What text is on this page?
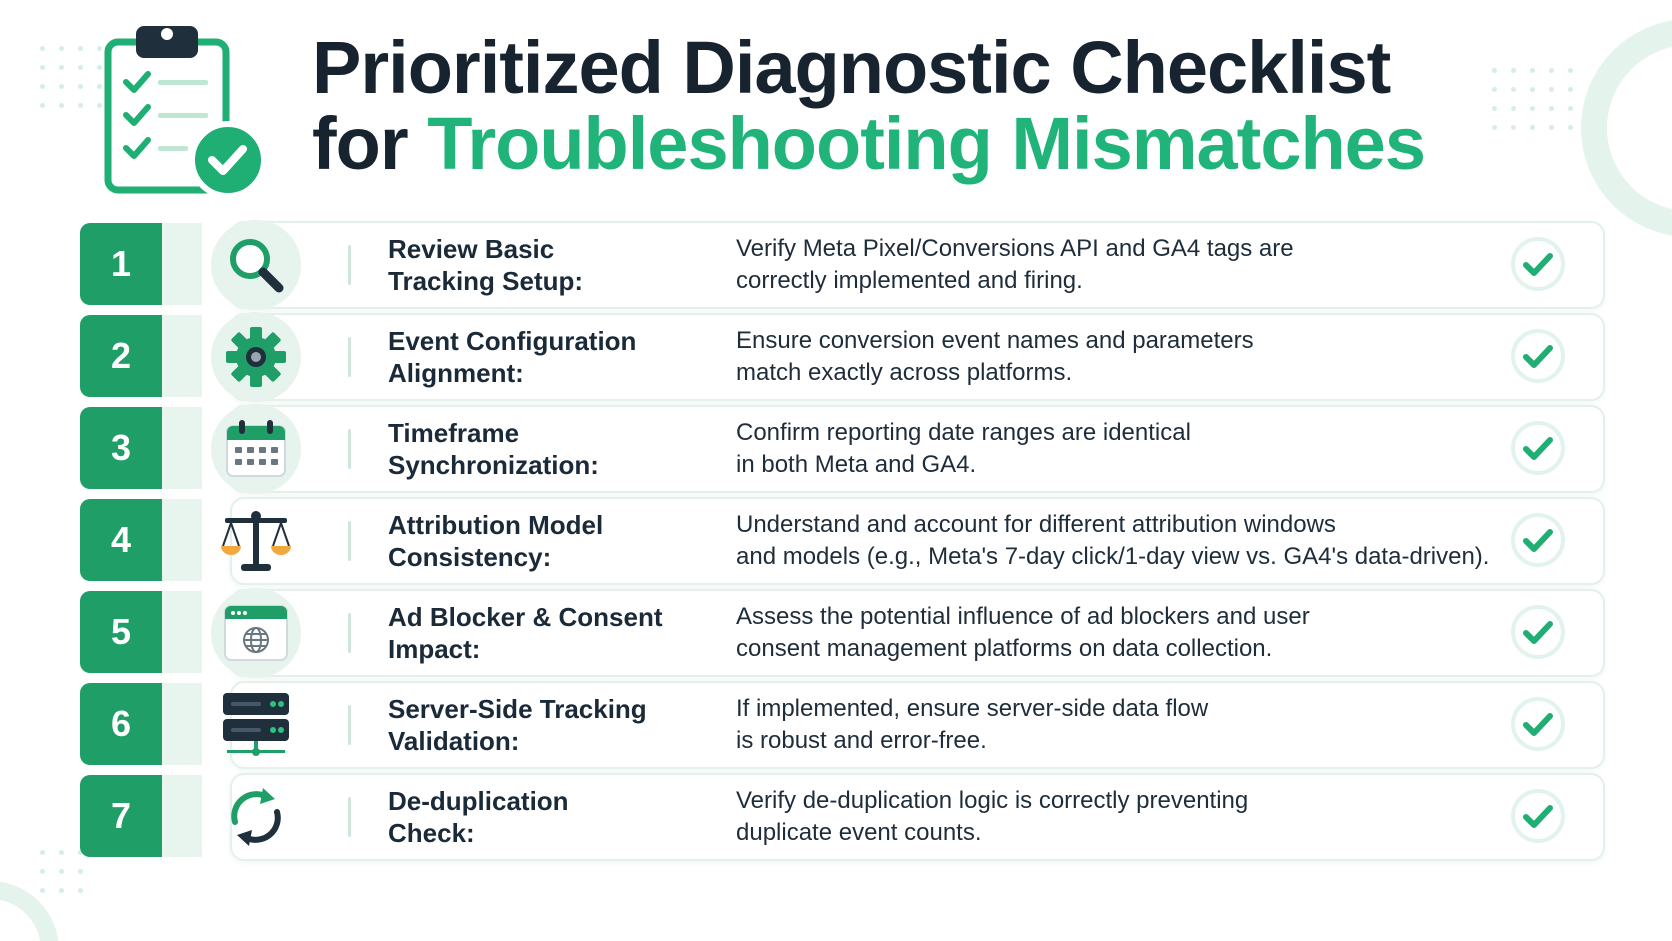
Prioritized Diagnostic Checklist
for Troubleshooting Mismatches
1	Review Basic
Tracking Setup:
Verify Meta Pixel/Conversions API and GA4 tags are
correctly implemented and firing.
2	Event Configuration
Alignment:
Ensure conversion event names and parameters
match exactly across platforms.
3	Timeframe
Synchronization:
Confirm reporting date ranges are identical
in both Meta and GA4.
4	Attribution Model
Consistency:
Understand and account for different attribution windows
and models (e.g., Meta's 7-day click/1-day view vs. GA4's data-driven).
5	Ad Blocker & Consent
Impact:
Assess the potential influence of ad blockers and user
consent management platforms on data collection.
6	Server-Side Tracking
Validation:
If implemented, ensure server-side data flow
is robust and error-free.
7	De-duplication
Check:
Verify de-duplication logic is correctly preventing
duplicate event counts.
